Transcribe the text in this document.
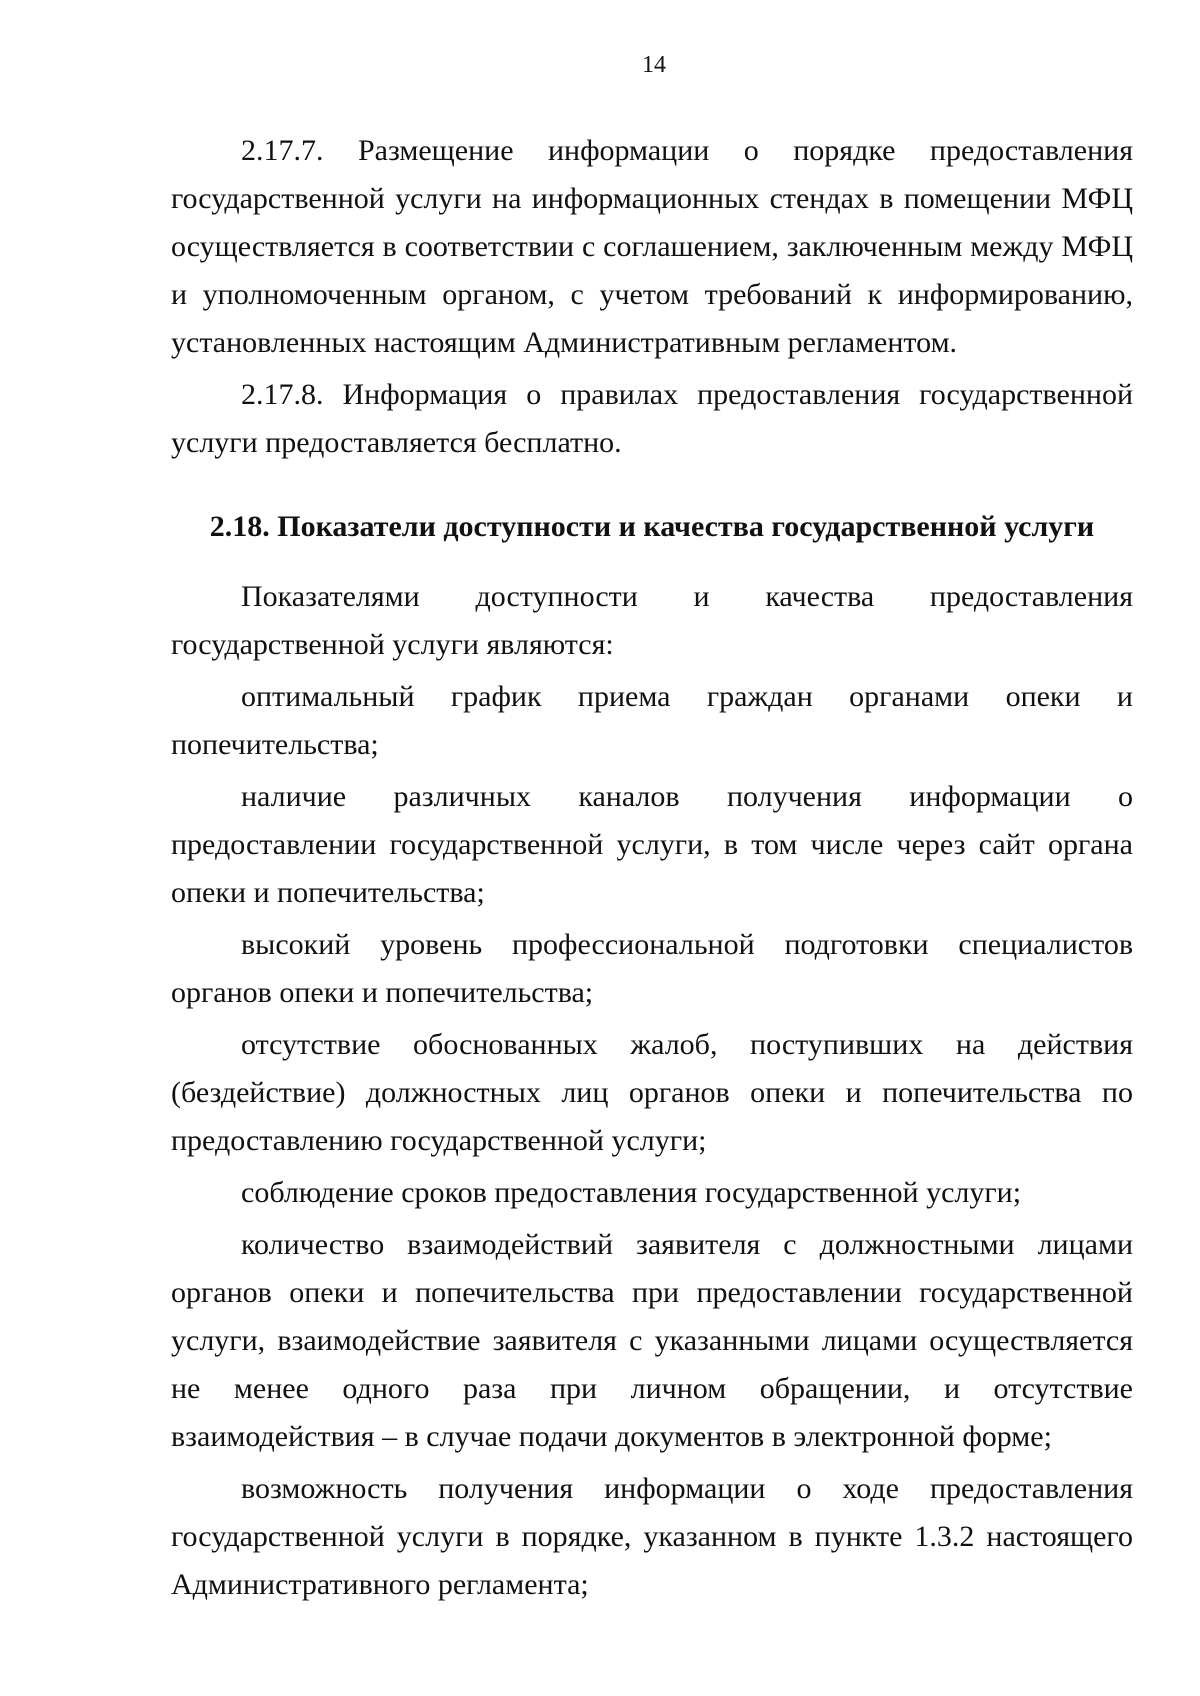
14

2.17.7. Размещение информации о порядке предоставления государственной услуги на информационных стендах в помещении МФЦ осуществляется в соответствии с соглашением, заключенным между МФЦ и уполномоченным органом, с учетом требований к информированию, установленных настоящим Административным регламентом.

2.17.8. Информация о правилах предоставления государственной услуги предоставляется бесплатно.

2.18. Показатели доступности и качества государственной услуги

Показателями доступности и качества предоставления государственной услуги являются:

оптимальный график приема граждан органами опеки и попечительства;

наличие различных каналов получения информации о предоставлении государственной услуги, в том числе через сайт органа опеки и попечительства;

высокий уровень профессиональной подготовки специалистов органов опеки и попечительства;

отсутствие обоснованных жалоб, поступивших на действия (бездействие) должностных лиц органов опеки и попечительства по предоставлению государственной услуги;

соблюдение сроков предоставления государственной услуги;

количество взаимодействий заявителя с должностными лицами органов опеки и попечительства при предоставлении государственной услуги, взаимодействие заявителя с указанными лицами осуществляется не менее одного раза при личном обращении, и отсутствие взаимодействия – в случае подачи документов в электронной форме;

возможность получения информации о ходе предоставления государственной услуги в порядке, указанном в пункте 1.3.2 настоящего Административного регламента;
